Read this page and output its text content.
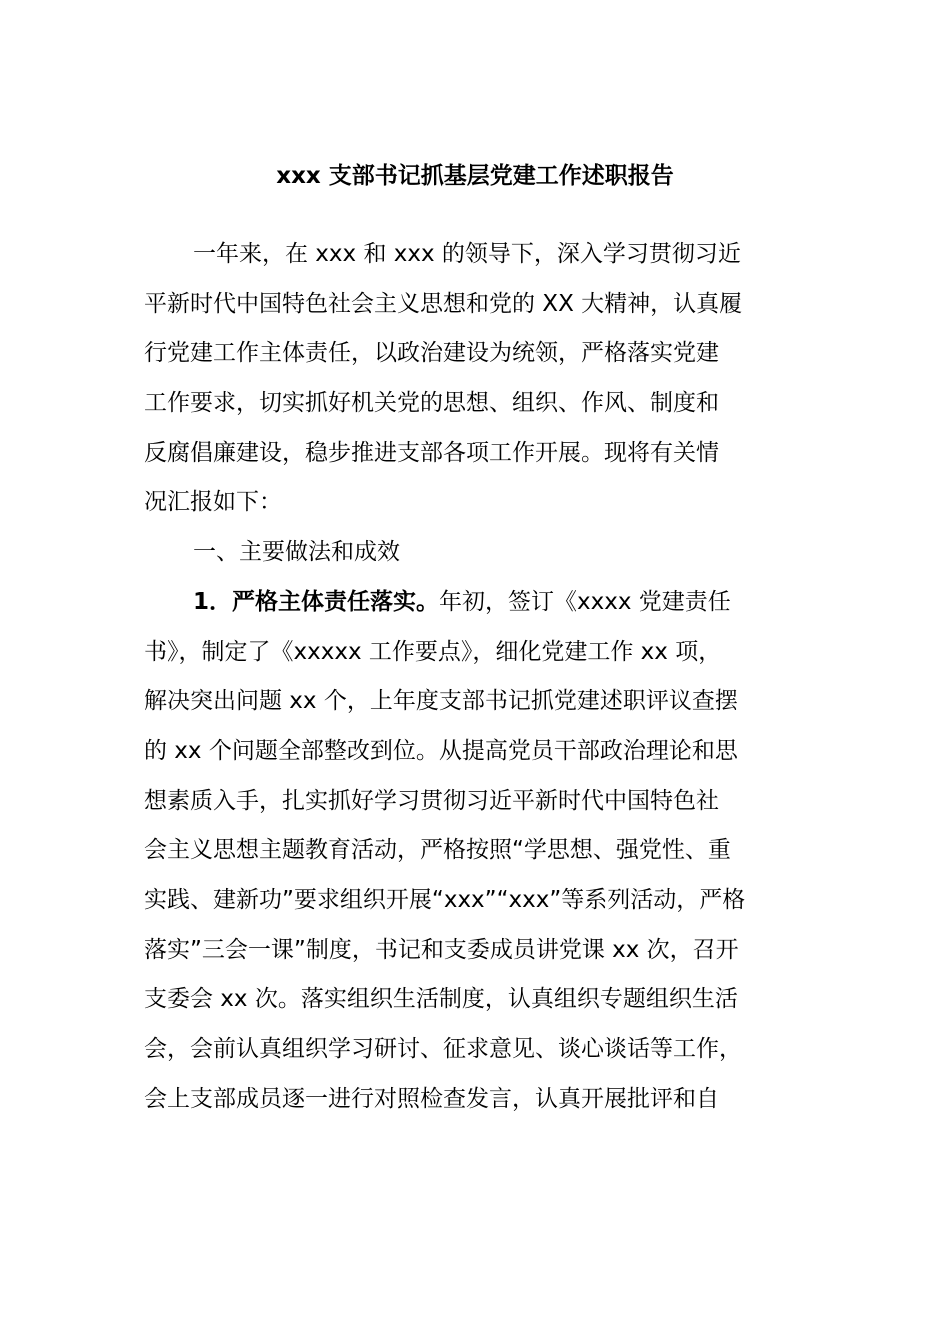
xxx 支部书记抓基层党建工作述职报告
一年来，在 xxx 和 xxx 的领导下，深入学习贯彻习近
平新时代中国特色社会主义思想和党的 XX 大精神，认真履
行党建工作主体责任，以政治建设为统领，严格落实党建
工作要求，切实抓好机关党的思想、组织、作风、制度和
反腐倡廉建设，稳步推进支部各项工作开展。现将有关情
况汇报如下：
一、主要做法和成效
1．严格主体责任落实。年初，签订《xxxx 党建责任
书》，制定了《xxxxx 工作要点》，细化党建工作 xx 项，
解决突出问题 xx 个，上年度支部书记抓党建述职评议查摆
的 xx 个问题全部整改到位。从提高党员干部政治理论和思
想素质入手，扎实抓好学习贯彻习近平新时代中国特色社
会主义思想主题教育活动，严格按照“学思想、强党性、重
实践、建新功”要求组织开展“xxx”“xxx”等系列活动，严格
落实”三会一课”制度，书记和支委成员讲党课 xx 次，召开
支委会 xx 次。落实组织生活制度，认真组织专题组织生活
会，会前认真组织学习研讨、征求意见、谈心谈话等工作，
会上支部成员逐一进行对照检查发言，认真开展批评和自
